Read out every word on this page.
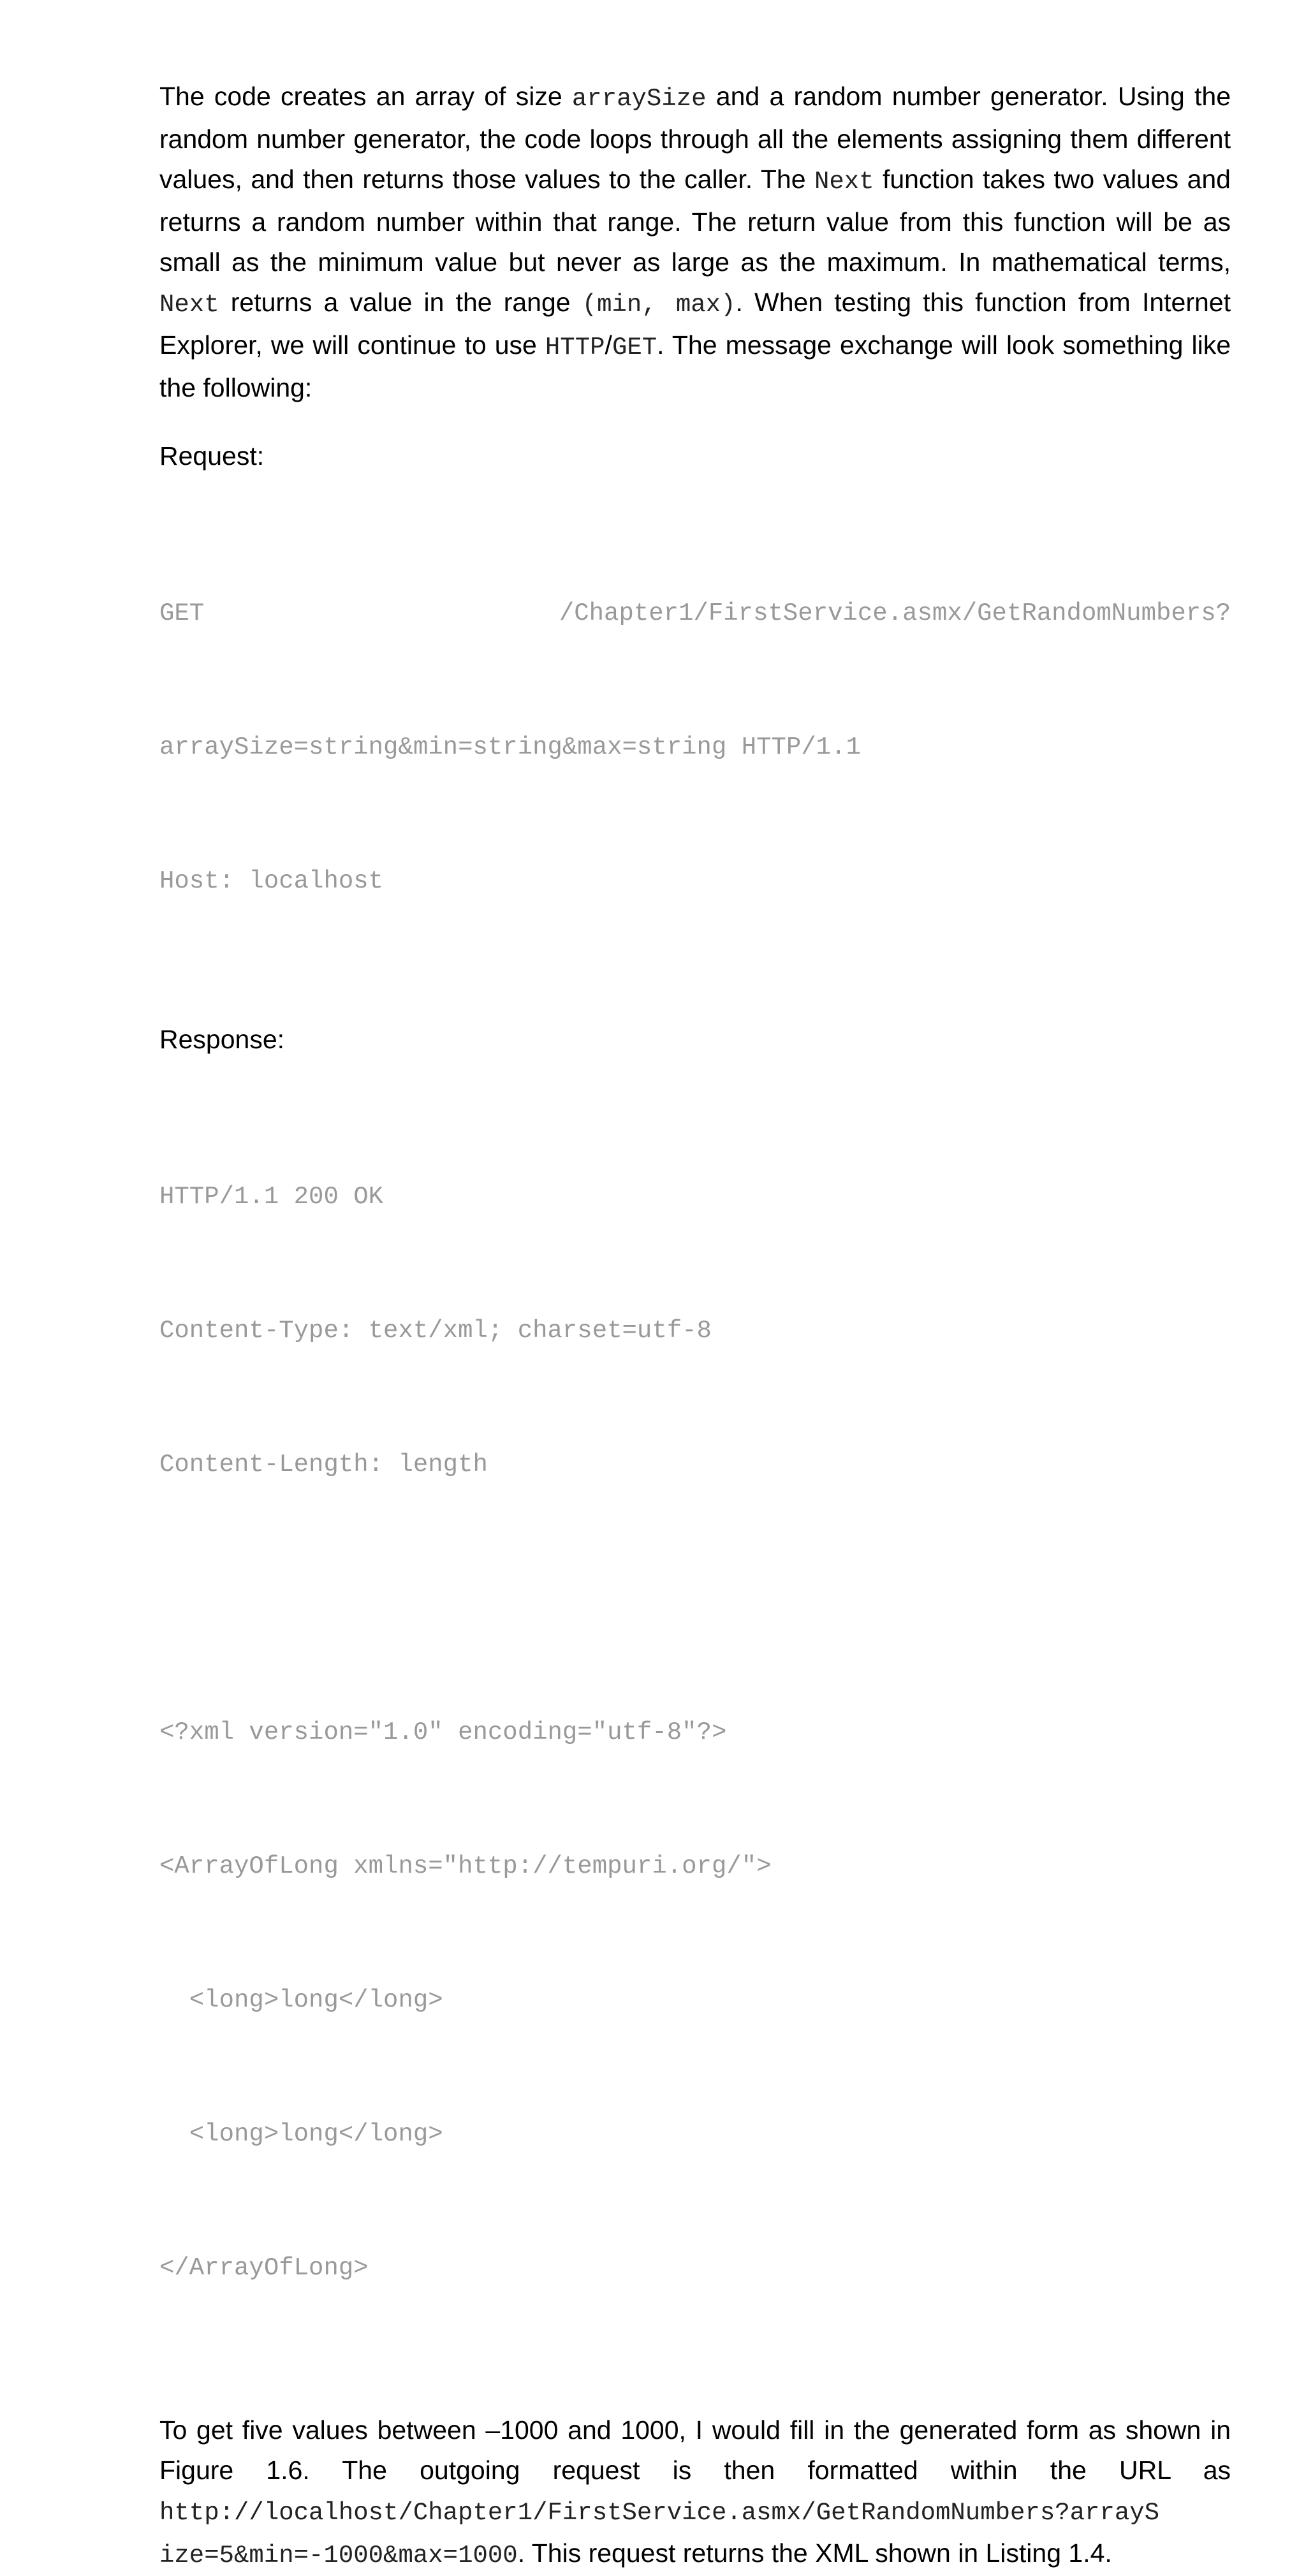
The code creates an array of size arraySize and a random number generator. Using the random number generator, the code loops through all the elements assigning them different values, and then returns those values to the caller. The Next function takes two values and returns a random number within that range. The return value from this function will be as small as the minimum value but never as large as the maximum. In mathematical terms, Next returns a value in the range (min, max). When testing this function from Internet Explorer, we will continue to use HTTP/GET. The message exchange will look something like the following:

Request:

GET	/Chapter1/FirstService.asmx/GetRandomNumbers?

arraySize=string&min=string&max=string HTTP/1.1

Host: localhost

Response:

HTTP/1.1 200 OK

Content-Type: text/xml; charset=utf-8

Content-Length: length

<?xml version="1.0" encoding="utf-8"?>

<ArrayOfLong xmlns="http://tempuri.org/">

<long>long</long>

<long>long</long>

</ArrayOfLong>

To get five values between –1000 and 1000, I would fill in the generated form as shown in Figure 1.6. The outgoing request is then formatted within the URL as http://localhost/Chapter1/FirstService.asmx/GetRandomNumbers?arrayS
ize=5&min=-1000&max=1000. This request returns the XML shown in Listing 1.4.
